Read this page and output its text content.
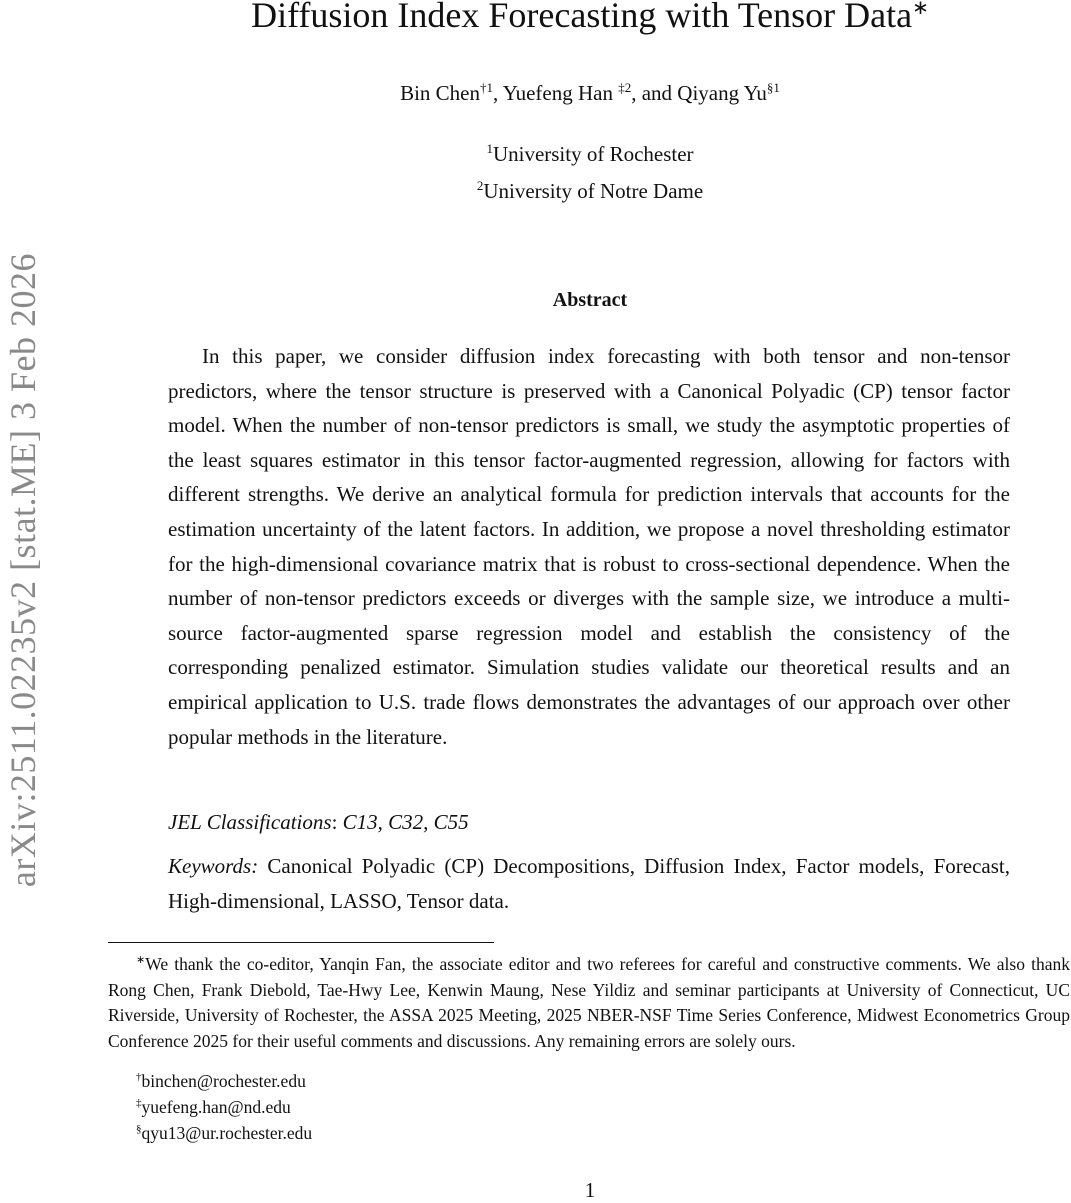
arXiv:2511.02235v2 [stat.ME] 3 Feb 2026
Diffusion Index Forecasting with Tensor Data∗
Bin Chen$^{\dagger 1}$, Yuefeng Han $^{\ddagger 2}$, and Qiyang Yu$^{\S 1}$
$^1$University of Rochester
$^2$University of Notre Dame
Abstract
In this paper, we consider diffusion index forecasting with both tensor and non-tensor predictors, where the tensor structure is preserved with a Canonical Polyadic (CP) tensor factor model. When the number of non-tensor predictors is small, we study the asymptotic properties of the least squares estimator in this tensor factor-augmented regression, allowing for factors with different strengths. We derive an analytical formula for prediction intervals that accounts for the estimation uncertainty of the latent factors. In addition, we propose a novel thresholding estimator for the high-dimensional covariance matrix that is robust to cross-sectional dependence. When the number of non-tensor predictors exceeds or diverges with the sample size, we introduce a multi-source factor-augmented sparse regression model and establish the consistency of the corresponding penalized estimator. Simulation studies validate our theoretical results and an empirical application to U.S. trade flows demonstrates the advantages of our approach over other popular methods in the literature.
JEL Classifications: C13, C32, C55
Keywords: Canonical Polyadic (CP) Decompositions, Diffusion Index, Factor models, Forecast, High-dimensional, LASSO, Tensor data.
∗We thank the co-editor, Yanqin Fan, the associate editor and two referees for careful and constructive comments. We also thank Rong Chen, Frank Diebold, Tae-Hwy Lee, Kenwin Maung, Nese Yildiz and seminar participants at University of Connecticut, UC Riverside, University of Rochester, the ASSA 2025 Meeting, 2025 NBER-NSF Time Series Conference, Midwest Econometrics Group Conference 2025 for their useful comments and discussions. Any remaining errors are solely ours.
†binchen@rochester.edu
‡yuefeng.han@nd.edu
§qyu13@ur.rochester.edu
1
